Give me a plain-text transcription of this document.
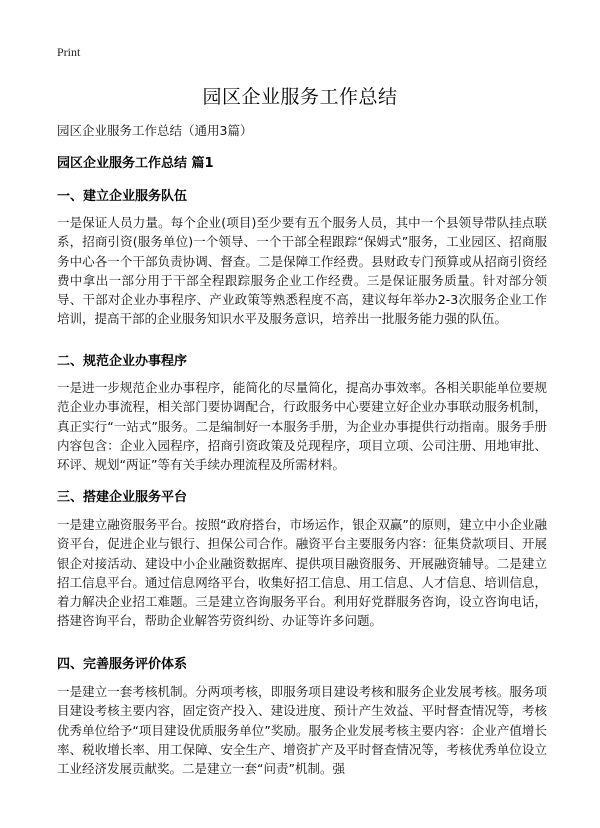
Print
园区企业服务工作总结
园区企业服务工作总结（通用3篇）
园区企业服务工作总结 篇1
一、建立企业服务队伍

一是保证人员力量。每个企业(项目)至少要有五个服务人员，其中一个县领导带队挂点联系，招商引资(服务单位)一个领导、一个干部全程跟踪“保姆式”服务，工业园区、招商服务中心各一个干部负责协调、督查。二是保障工作经费。县财政专门预算或从招商引资经费中拿出一部分用于干部全程跟踪服务企业工作经费。三是保证服务质量。针对部分领导、干部对企业办事程序、产业政策等熟悉程度不高，建议每年举办2-3次服务企业工作培训，提高干部的企业服务知识水平及服务意识，培养出一批服务能力强的队伍。

二、规范企业办事程序

一是进一步规范企业办事程序，能简化的尽量简化，提高办事效率。各相关职能单位要规范企业办事流程，相关部门要协调配合，行政服务中心要建立好企业办事联动服务机制，真正实行“一站式”服务。二是编制好一本服务手册，为企业办事提供行动指南。服务手册内容包含：企业入园程序，招商引资政策及兑现程序，项目立项、公司注册、用地审批、环评、规划“两证”等有关手续办理流程及所需材料。

三、搭建企业服务平台

一是建立融资服务平台。按照“政府搭台，市场运作，银企双赢”的原则，建立中小企业融资平台，促进企业与银行、担保公司合作。融资平台主要服务内容：征集贷款项目、开展银企对接活动、建设中小企业融资数据库、提供项目融资服务、开展融资辅导。二是建立招工信息平台。通过信息网络平台，收集好招工信息、用工信息、人才信息、培训信息，着力解决企业招工难题。三是建立咨询服务平台。利用好党群服务咨询，设立咨询电话，搭建咨询平台，帮助企业解答劳资纠纷、办证等许多问题。

四、完善服务评价体系

一是建立一套考核机制。分两项考核，即服务项目建设考核和服务企业发展考核。服务项目建设考核主要内容，固定资产投入、建设进度、预计产生效益、平时督查情况等，考核优秀单位给予“项目建设优质服务单位”奖励。服务企业发展考核主要内容：企业产值增长率、税收增长率、用工保障、安全生产、增资扩产及平时督查情况等，考核优秀单位设立工业经济发展贡献奖。二是建立一套“问责”机制。强
